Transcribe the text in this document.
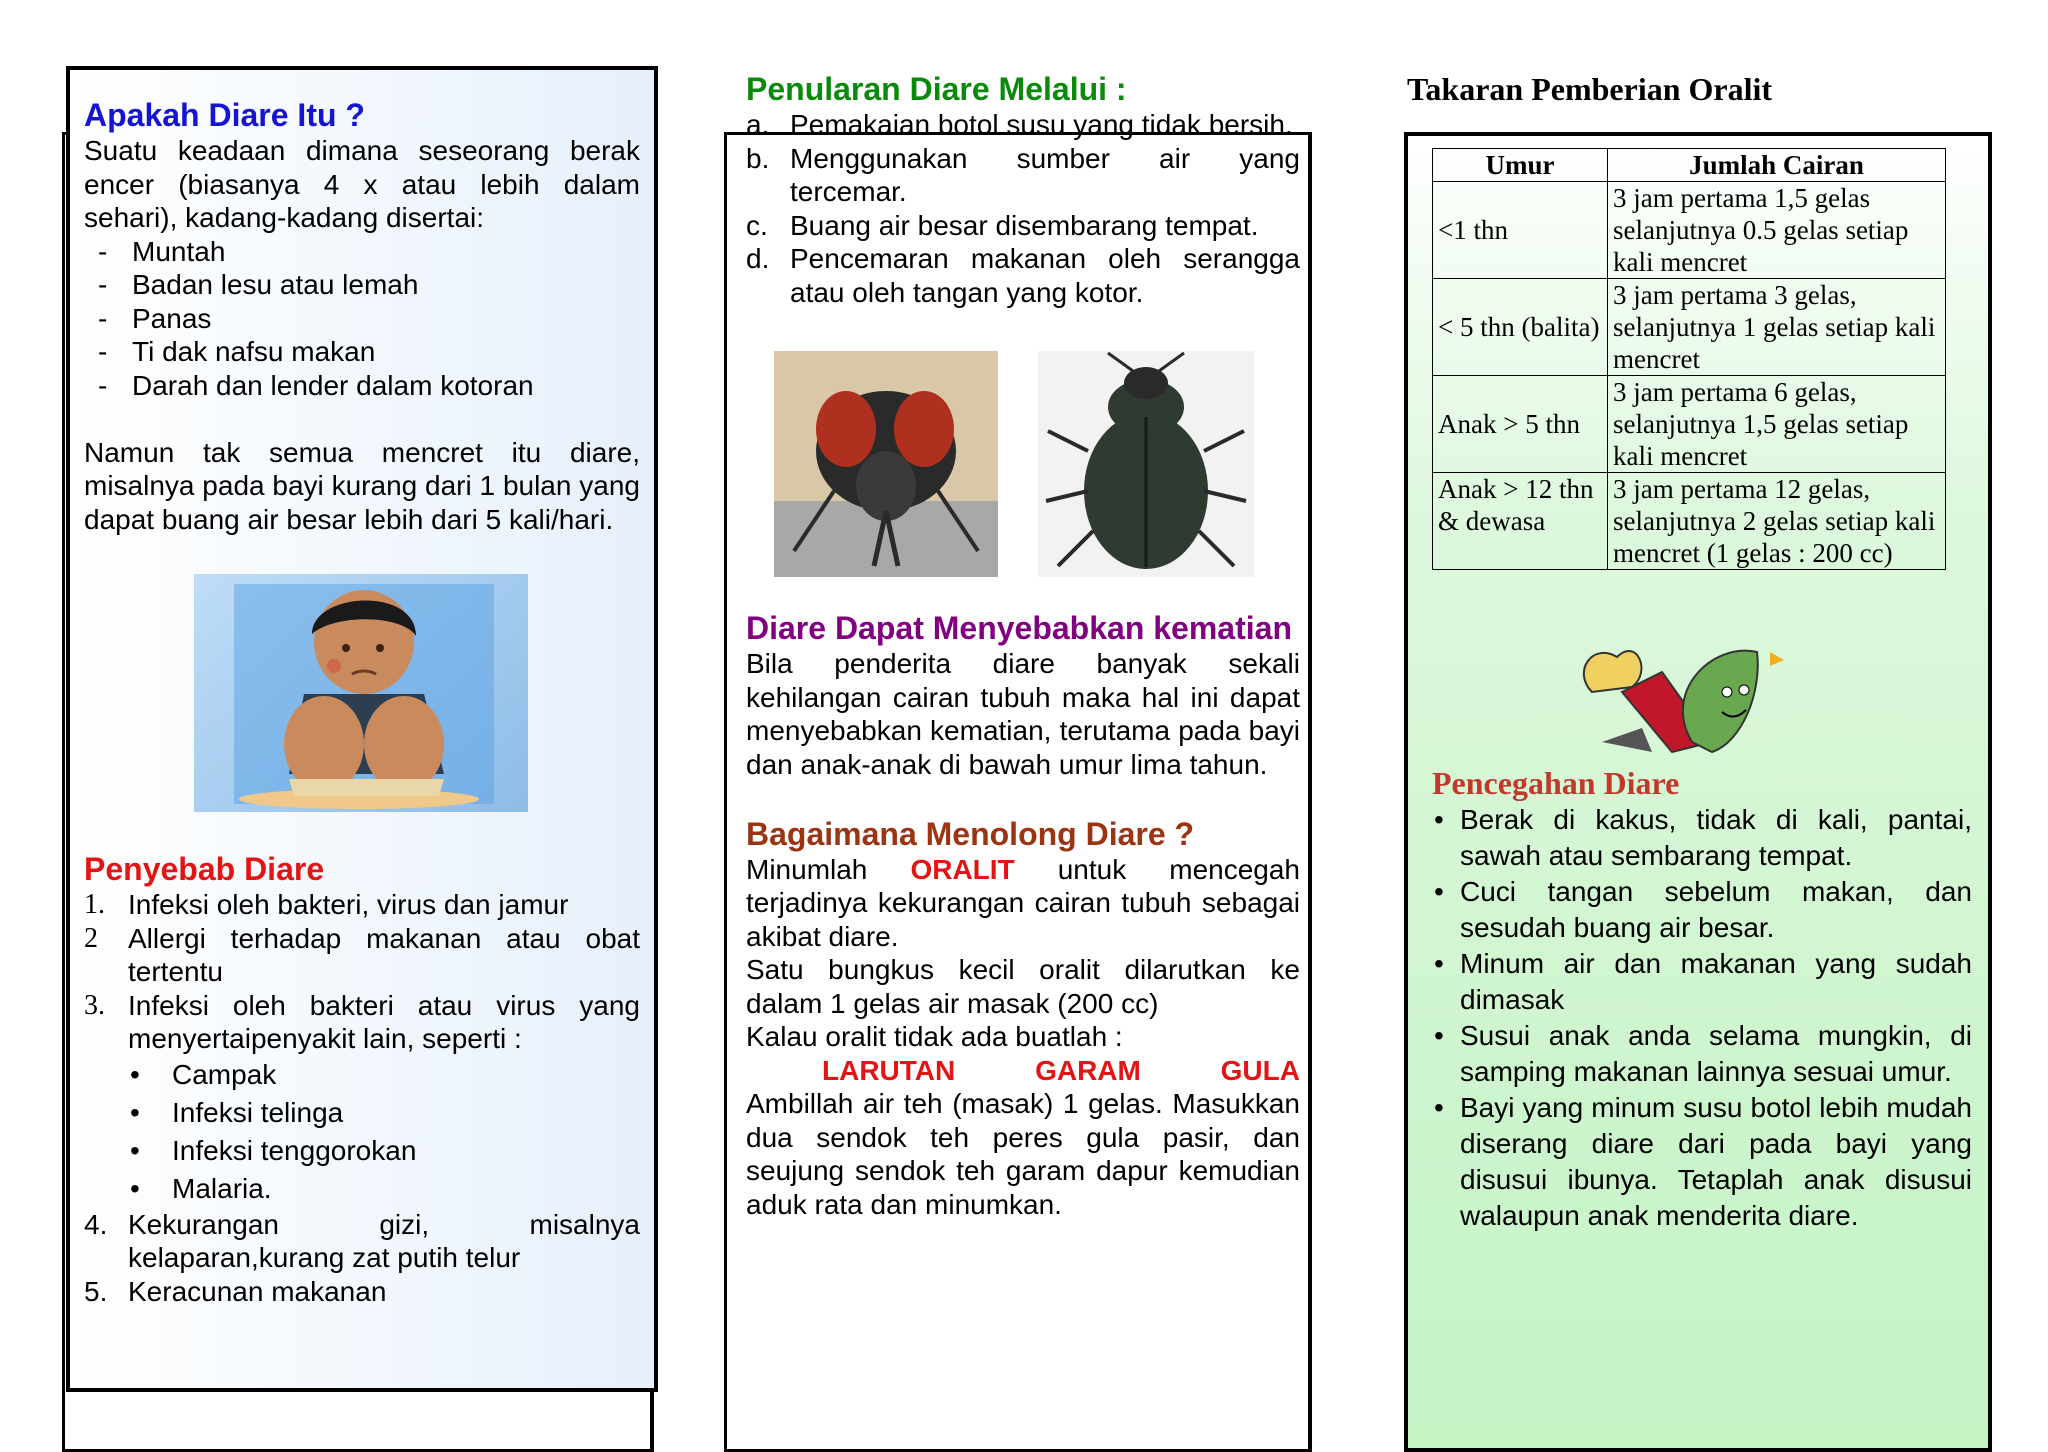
Apakah Diare Itu ?
Suatu keadaan dimana seseorang berak encer (biasanya 4 x atau lebih dalam sehari), kadang-kadang disertai:
- Muntah
- Badan lesu atau lemah
- Panas
- Ti dak nafsu makan
- Darah dan lender dalam kotoran
Namun tak semua mencret itu diare, misalnya pada bayi kurang dari 1 bulan yang dapat buang air besar lebih dari 5 kali/hari.
Penyebab Diare
1. Infeksi oleh bakteri, virus dan jamur
2 Allergi terhadap makanan atau obat tertentu
3. Infeksi oleh bakteri atau virus yang menyertaipenyakit lain, seperti :
• Campak
• Infeksi telinga
• Infeksi tenggorokan
• Malaria.
4. Kekurangan gizi, misalnya kelaparan,kurang zat putih telur
5. Keracunan makanan
Penularan Diare Melalui :
a. Pemakaian botol susu yang tidak bersih.
b. Menggunakan sumber air yang tercemar.
c. Buang air besar disembarang tempat.
d. Pencemaran makanan oleh serangga atau oleh tangan yang kotor.
Diare Dapat Menyebabkan kematian
Bila penderita diare banyak sekali kehilangan cairan tubuh maka hal ini dapat menyebabkan kematian, terutama pada bayi dan anak-anak di bawah umur lima tahun.
Bagaimana Menolong Diare ?
Minumlah ORALIT untuk mencegah terjadinya kekurangan cairan tubuh sebagai akibat diare.
Satu bungkus kecil oralit dilarutkan ke dalam 1 gelas air masak (200 cc)
Kalau oralit tidak ada buatlah :
LARUTAN	GARAM	GULA
Ambillah air teh (masak) 1 gelas. Masukkan dua sendok teh peres gula pasir, dan seujung sendok teh garam dapur kemudian aduk rata dan minumkan.
Takaran Pemberian Oralit
Umur	Jumlah Cairan
<1 thn	3 jam pertama 1,5 gelas selanjutnya 0.5 gelas setiap kali mencret
< 5 thn (balita)	3 jam pertama 3 gelas, selanjutnya 1 gelas setiap kali mencret
Anak > 5 thn	3 jam pertama 6 gelas, selanjutnya 1,5 gelas setiap kali mencret
Anak > 12 thn & dewasa	3 jam pertama 12 gelas, selanjutnya 2 gelas setiap kali mencret (1 gelas : 200 cc)
Pencegahan Diare
• Berak di kakus, tidak di kali, pantai, sawah atau sembarang tempat.
• Cuci tangan sebelum makan, dan sesudah buang air besar.
• Minum air dan makanan yang sudah dimasak
• Susui anak anda selama mungkin, di samping makanan lainnya sesuai umur.
• Bayi yang minum susu botol lebih mudah diserang diare dari pada bayi yang disusui ibunya. Tetaplah anak disusui walaupun anak menderita diare.
